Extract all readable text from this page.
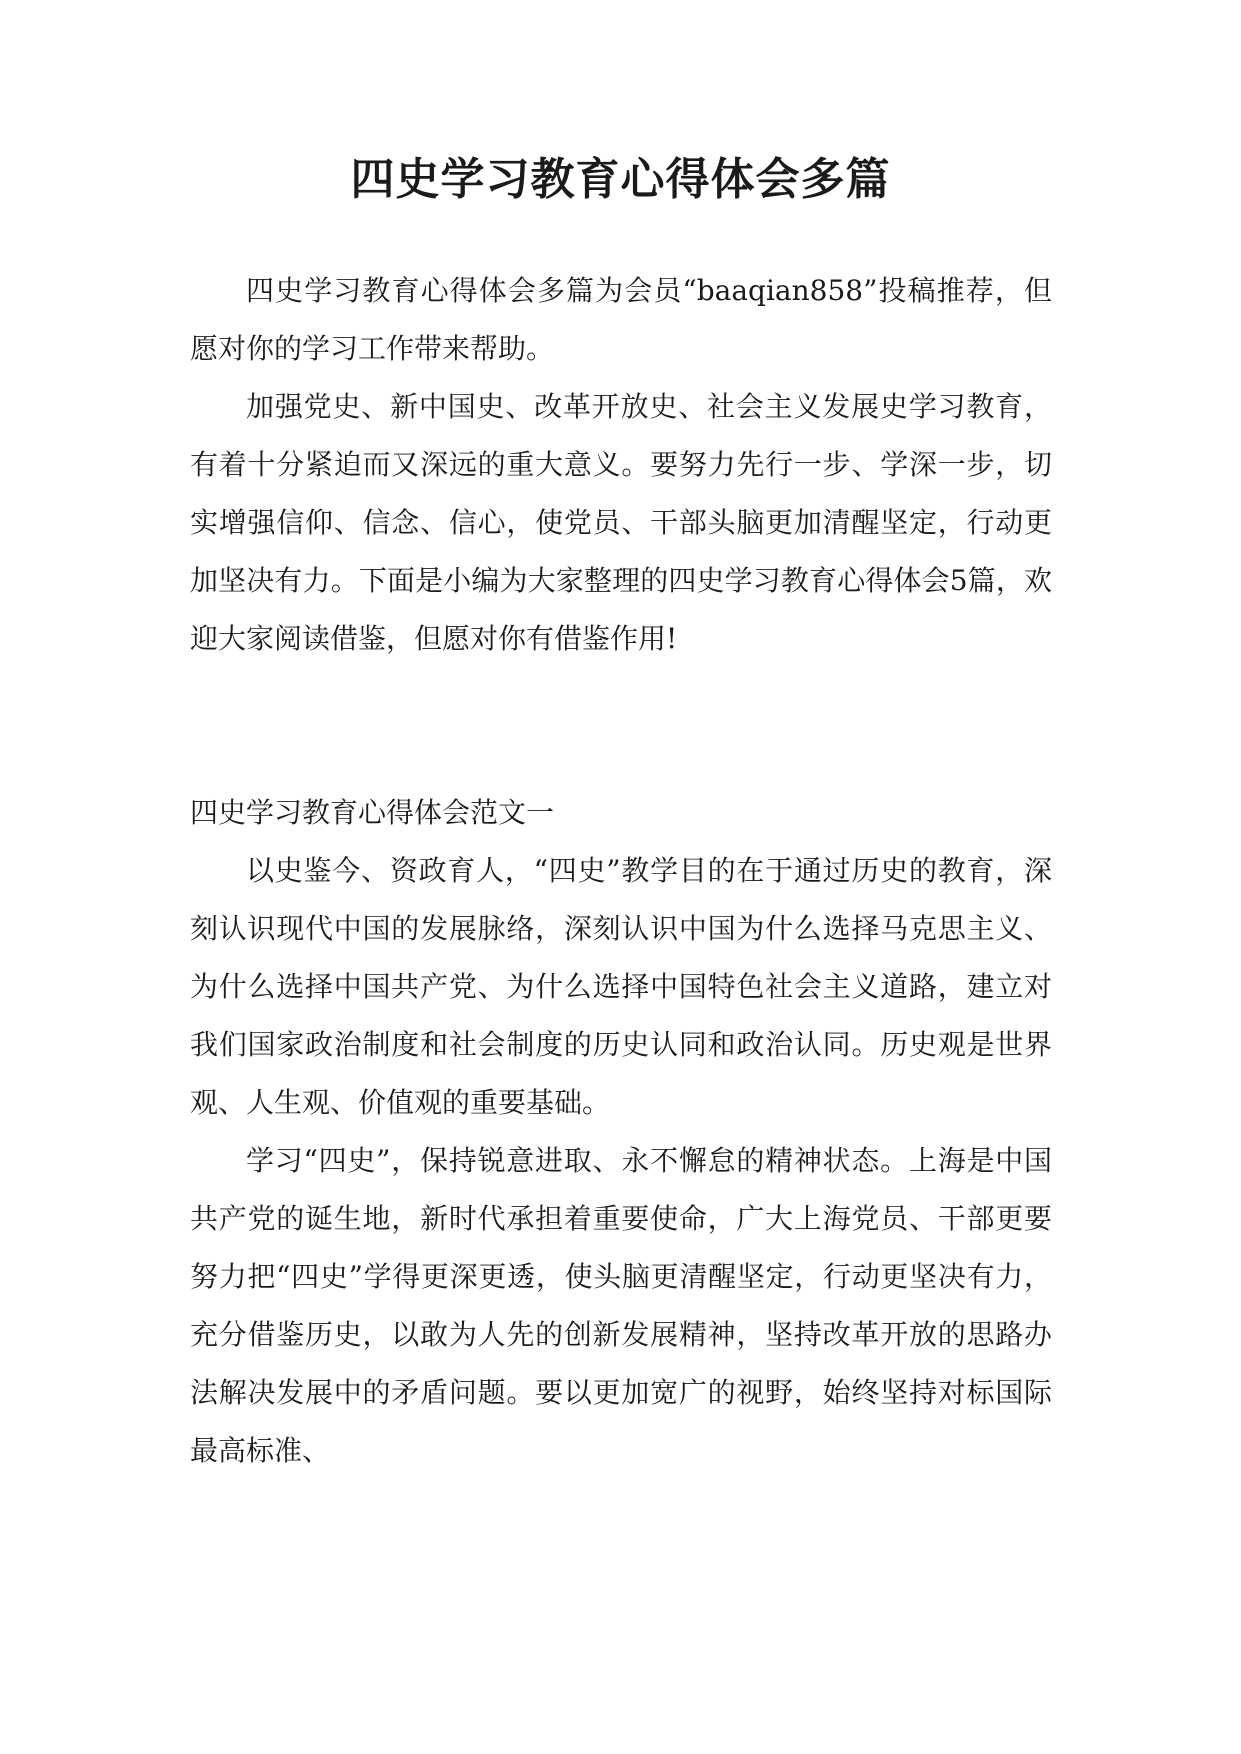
四史学习教育心得体会多篇

四史学习教育心得体会多篇为会员“baaqian858”投稿推荐，但愿对你的学习工作带来帮助。

加强党史、新中国史、改革开放史、社会主义发展史学习教育，有着十分紧迫而又深远的重大意义。要努力先行一步、学深一步，切实增强信仰、信念、信心，使党员、干部头脑更加清醒坚定，行动更加坚决有力。下面是小编为大家整理的四史学习教育心得体会5篇，欢迎大家阅读借鉴，但愿对你有借鉴作用!

四史学习教育心得体会范文一

以史鉴今、资政育人，“四史”教学目的在于通过历史的教育，深刻认识现代中国的发展脉络，深刻认识中国为什么选择马克思主义、为什么选择中国共产党、为什么选择中国特色社会主义道路，建立对我们国家政治制度和社会制度的历史认同和政治认同。历史观是世界观、人生观、价值观的重要基础。

学习“四史”，保持锐意进取、永不懈怠的精神状态。上海是中国共产党的诞生地，新时代承担着重要使命，广大上海党员、干部更要努力把“四史”学得更深更透，使头脑更清醒坚定，行动更坚决有力，充分借鉴历史，以敢为人先的创新发展精神，坚持改革开放的思路办法解决发展中的矛盾问题。要以更加宽广的视野，始终坚持对标国际最高标准、
